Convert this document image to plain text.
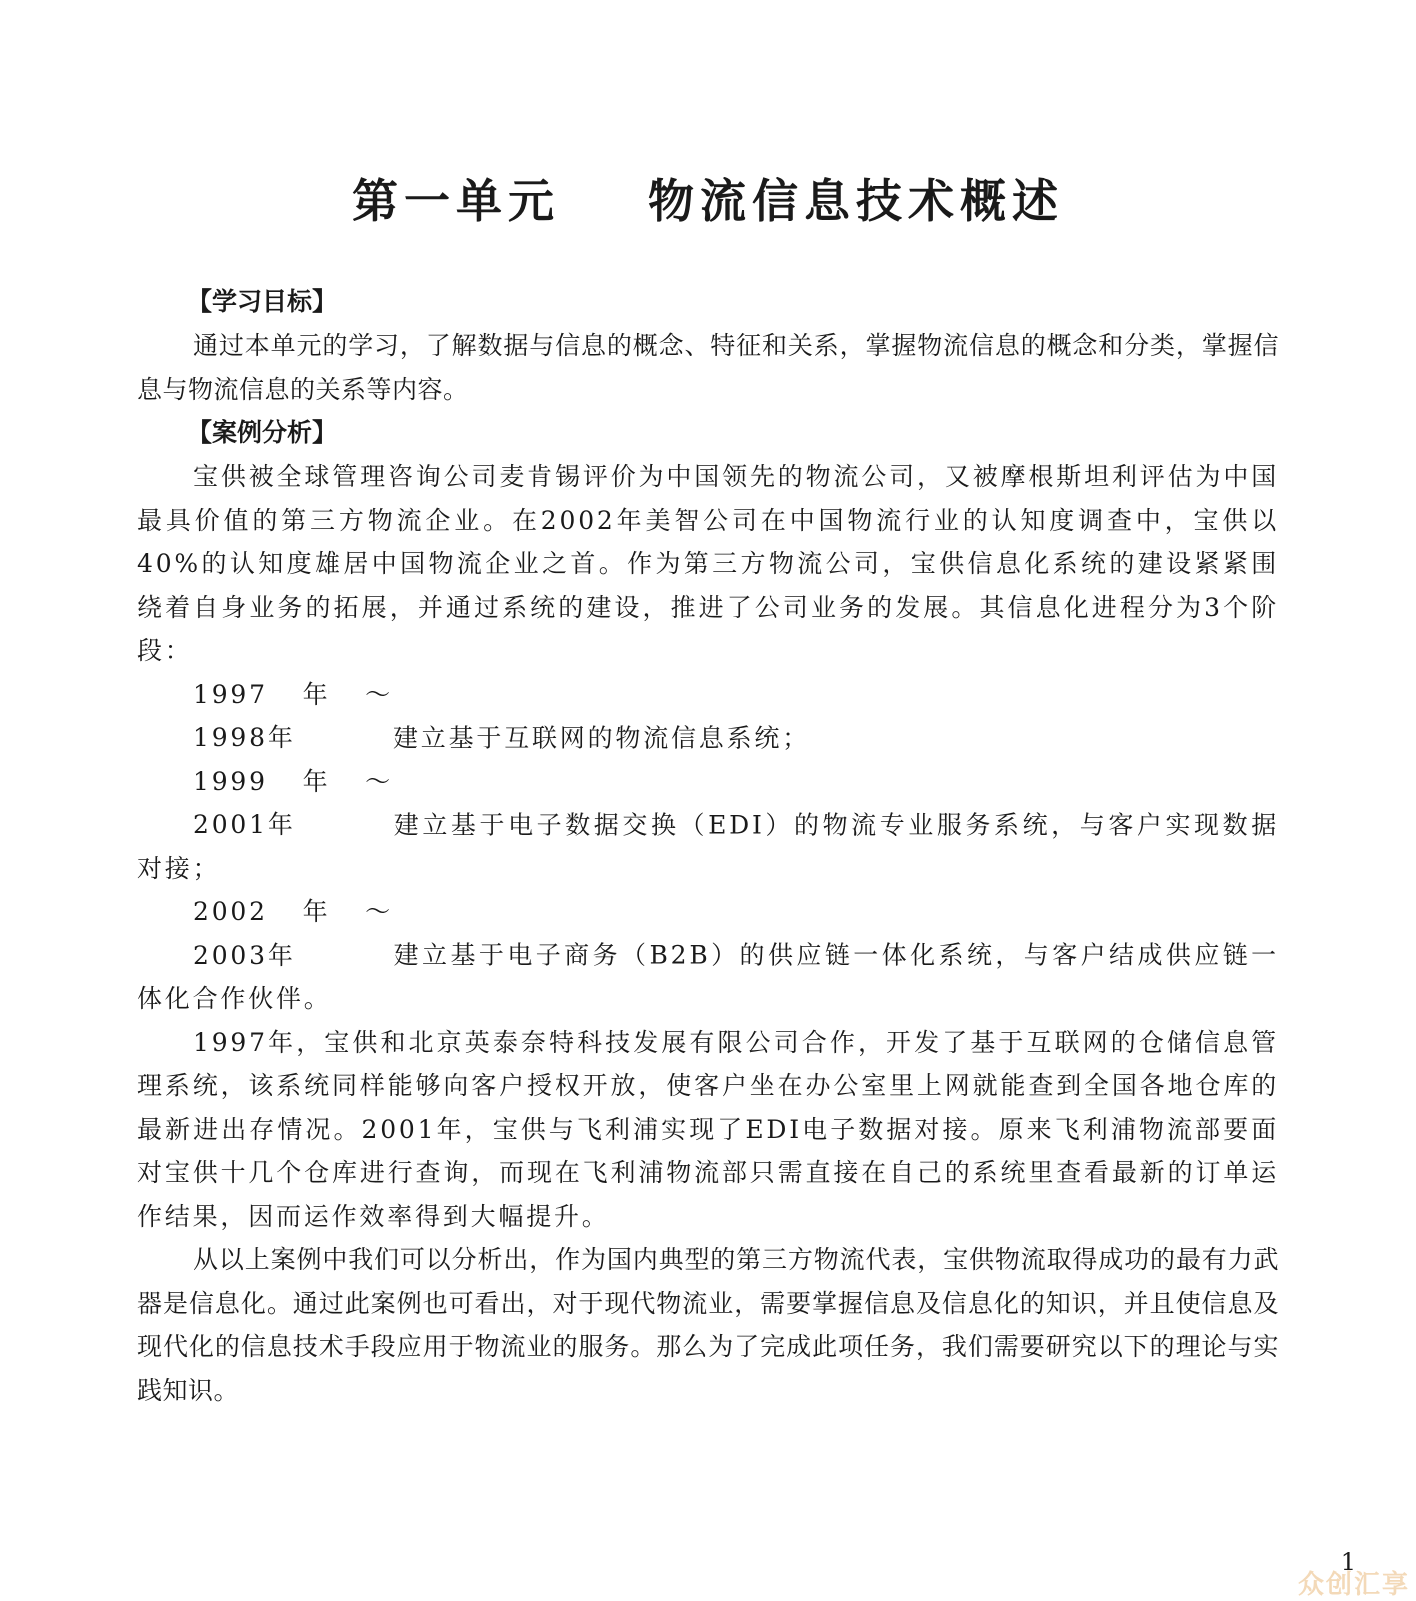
第一单元    物流信息技术概述

【学习目标】

通过本单元的学习，了解数据与信息的概念、特征和关系，掌握物流信息的概念和分类，掌握信息与物流信息的关系等内容。

【案例分析】

宝供被全球管理咨询公司麦肯锡评价为中国领先的物流公司，又被摩根斯坦利评估为中国最具价值的第三方物流企业。在2002年美智公司在中国物流行业的认知度调查中，宝供以40%的认知度雄居中国物流企业之首。作为第三方物流公司，宝供信息化系统的建设紧紧围绕着自身业务的拓展，并通过系统的建设，推进了公司业务的发展。其信息化进程分为3个阶段：

1997年～1998年	建立基于互联网的物流信息系统；

1999年～2001年	建立基于电子数据交换（EDI）的物流专业服务系统，与客户实现数据对接；

2002年～2003年	建立基于电子商务（B2B）的供应链一体化系统，与客户结成供应链一体化合作伙伴。

1997年，宝供和北京英泰奈特科技发展有限公司合作，开发了基于互联网的仓储信息管理系统，该系统同样能够向客户授权开放，使客户坐在办公室里上网就能查到全国各地仓库的最新进出存情况。2001年，宝供与飞利浦实现了EDI电子数据对接。原来飞利浦物流部要面对宝供十几个仓库进行查询，而现在飞利浦物流部只需直接在自己的系统里查看最新的订单运作结果，因而运作效率得到大幅提升。

从以上案例中我们可以分析出，作为国内典型的第三方物流代表，宝供物流取得成功的最有力武器是信息化。通过此案例也可看出，对于现代物流业，需要掌握信息及信息化的知识，并且使信息及现代化的信息技术手段应用于物流业的服务。那么为了完成此项任务，我们需要研究以下的理论与实践知识。

1
众创汇享
